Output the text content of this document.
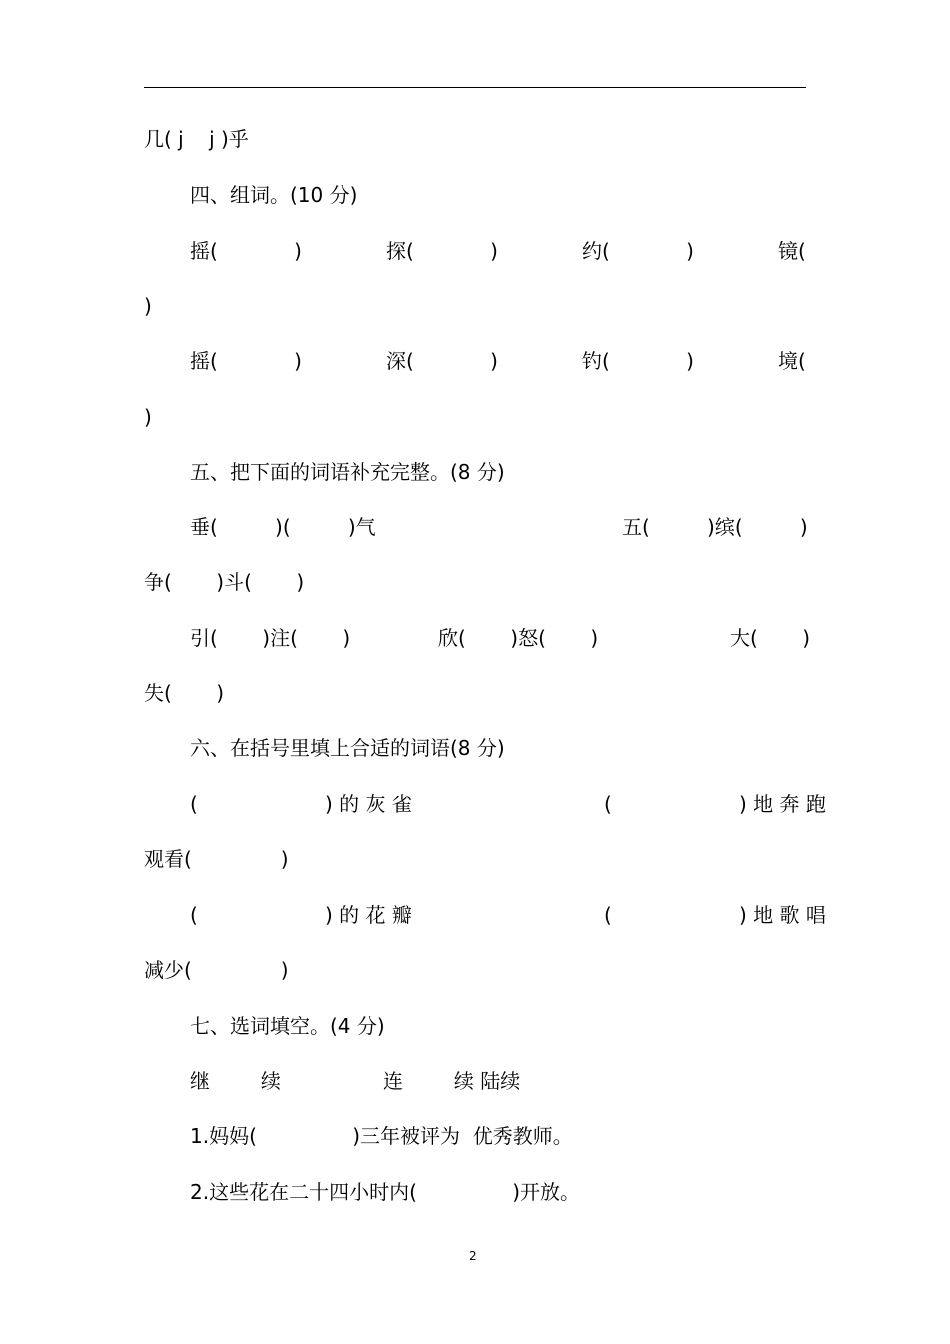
几( j    j )乎
四、组词。(10 分)
摇(            )	探(            )	约(            )	镜(
)
摇(            )	深(            )	钓(            )	境(
)
五、把下面的词语补充完整。(8 分)
垂(         )(         )气	五(         )缤(         )
争(       )斗(       )
引(       )注(       )	欣(       )怒(       )	大(       )
失(       )
六、在括号里填上合适的词语(8 分)
(                    ) 的 灰 雀	(                    ) 地 奔 跑
观看(              )
(                    ) 的 花 瓣	(                    ) 地 歌 唱
减少(              )
七、选词填空。(4 分)
继        续	连        续 陆续
1.妈妈(               )三年被评为  优秀教师。
2.这些花在二十四小时内(               )开放。
2
